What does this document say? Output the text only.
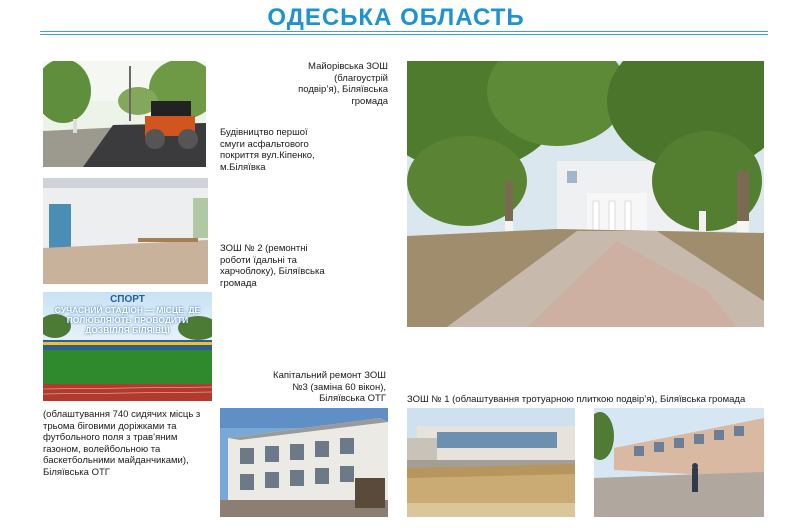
ОДЕСЬКА ОБЛАСТЬ
Будівництво першої смуги асфальтового покриття вул.Кіпенко, м.Біляївка
ЗОШ № 2 (ремонтні роботи їдальні та харчоблоку), Біляївська громада
СПОРТ
СУЧАСНИЙ СТАДІОН — МІСЦЕ, ДЕ ПОЛЮБЛЯЮТЬ ПРОВОДИТИ ДОЗВІЛЛЯ БІЛЯЇВЦІ
(облаштування 740 сидячих місць з трьома біговими доріжками та футбольного поля з трав’яним газоном, волейбольною та баскетбольними майданчиками), Біляївська ОТГ
Майорівська ЗОШ (благоустрій подвір’я), Біляївська громада
Капітальний ремонт ЗОШ №3 (заміна 60 вікон), Біляївська ОТГ ЗОШ № 1 (облаштування тротуарною плиткою подвір’я), Біляївська громада
